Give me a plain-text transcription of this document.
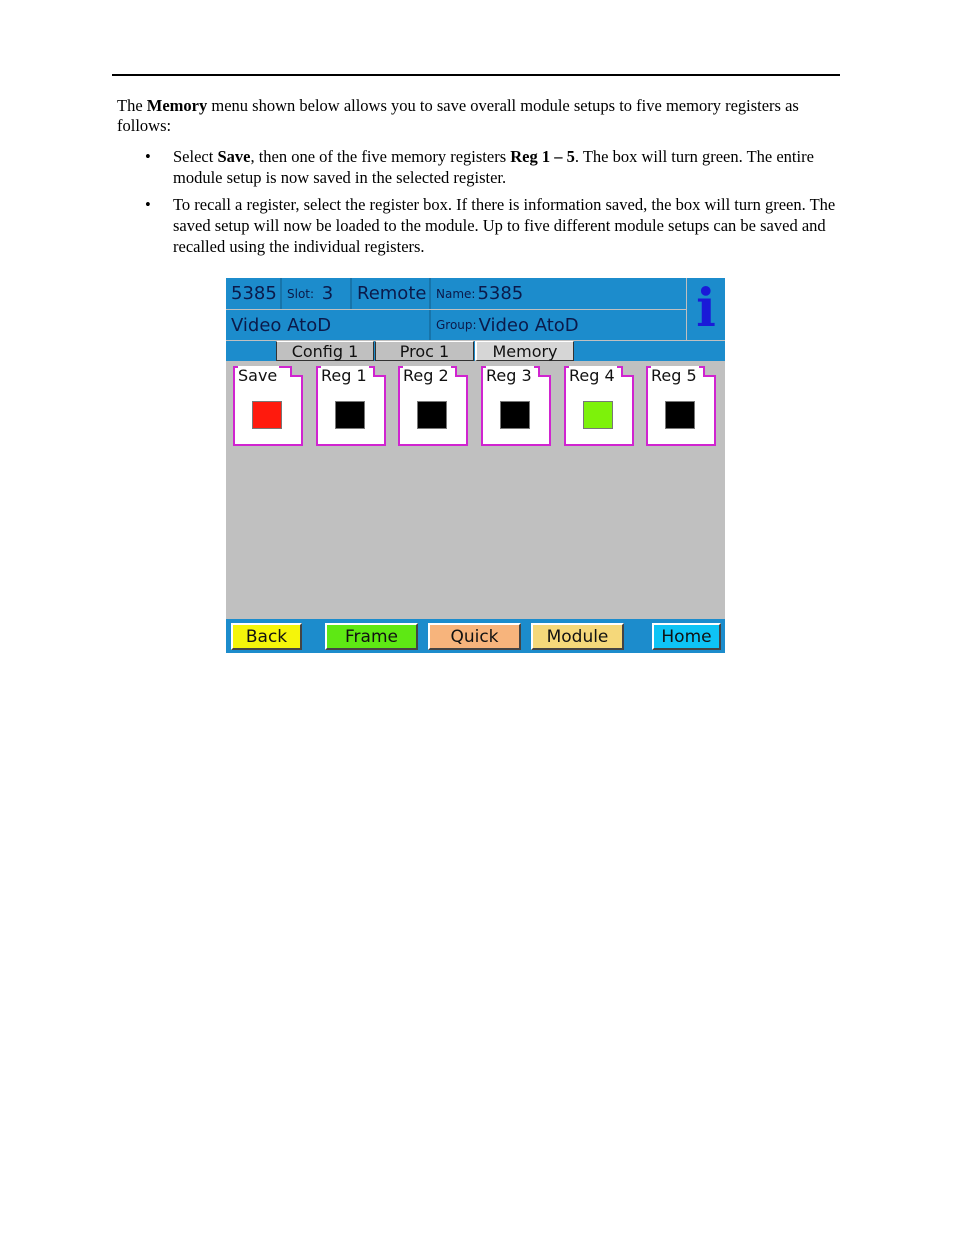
The Memory menu shown below allows you to save overall module setups to five memory registers as follows:

• Select Save, then one of the five memory registers Reg 1 – 5. The box will turn green. The entire module setup is now saved in the selected register.
• To recall a register, select the register box. If there is information saved, the box will turn green. The saved setup will now be loaded to the module. Up to five different module setups can be saved and recalled using the individual registers.
5385 Slot:
3 Remote Name: 5385
Video AtoD	Group: Video AtoD i
Config 1	Proc 1	Memory
Save	Reg 1 Reg 2 Reg 3 Reg 4 Reg 5
Back	Frame	Quick	Module	Home
